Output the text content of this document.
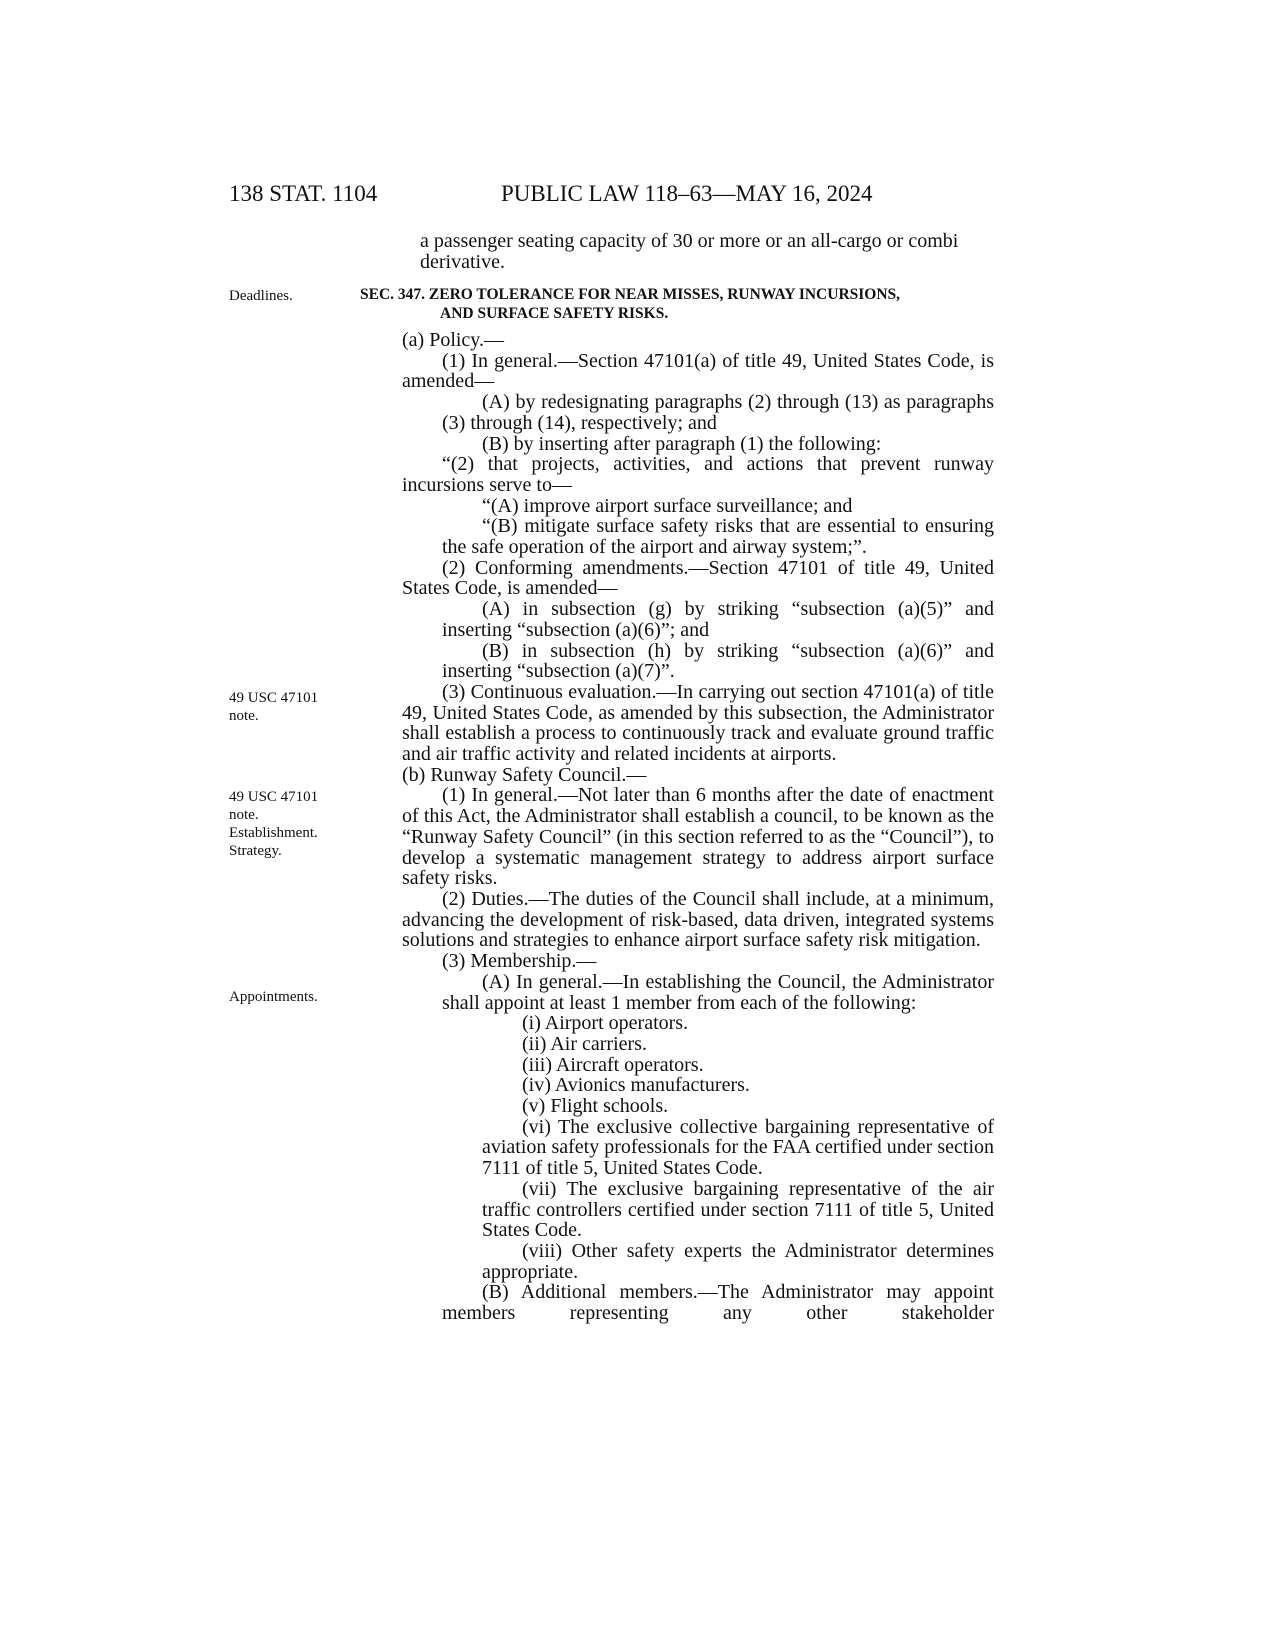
138 STAT. 1104	PUBLIC LAW 118–63—MAY 16, 2024
Deadlines.
49 USC 47101
note.
49 USC 47101
note.
Establishment.
Strategy.
Appointments.

a passenger seating capacity of 30 or more or an all-cargo or combi derivative.

SEC. 347. ZERO TOLERANCE FOR NEAR MISSES, RUNWAY INCURSIONS,
AND SURFACE SAFETY RISKS.

(a) Policy.—

(1) In general.—Section 47101(a) of title 49, United States Code, is amended—

(A) by redesignating paragraphs (2) through (13) as paragraphs (3) through (14), respectively; and

(B) by inserting after paragraph (1) the following:

“(2) that projects, activities, and actions that prevent runway incursions serve to—

“(A) improve airport surface surveillance; and

“(B) mitigate surface safety risks that are essential to ensuring the safe operation of the airport and airway system;”.

(2) Conforming amendments.—Section 47101 of title 49, United States Code, is amended—

(A) in subsection (g) by striking “subsection (a)(5)” and inserting “subsection (a)(6)”; and

(B) in subsection (h) by striking “subsection (a)(6)” and inserting “subsection (a)(7)”.

(3) Continuous evaluation.—In carrying out section 47101(a) of title 49, United States Code, as amended by this subsection, the Administrator shall establish a process to continuously track and evaluate ground traffic and air traffic activity and related incidents at airports.

(b) Runway Safety Council.—

(1) In general.—Not later than 6 months after the date of enactment of this Act, the Administrator shall establish a council, to be known as the “Runway Safety Council” (in this section referred to as the “Council”), to develop a systematic management strategy to address airport surface safety risks.

(2) Duties.—The duties of the Council shall include, at a minimum, advancing the development of risk-based, data driven, integrated systems solutions and strategies to enhance airport surface safety risk mitigation.

(3) Membership.—

(A) In general.—In establishing the Council, the Administrator shall appoint at least 1 member from each of the following:

(i) Airport operators.

(ii) Air carriers.

(iii) Aircraft operators.

(iv) Avionics manufacturers.

(v) Flight schools.

(vi) The exclusive collective bargaining representative of aviation safety professionals for the FAA certified under section 7111 of title 5, United States Code.

(vii) The exclusive bargaining representative of the air traffic controllers certified under section 7111 of title 5, United States Code.

(viii) Other safety experts the Administrator determines appropriate.

(B) Additional members.—The Administrator may appoint members representing any other stakeholder
